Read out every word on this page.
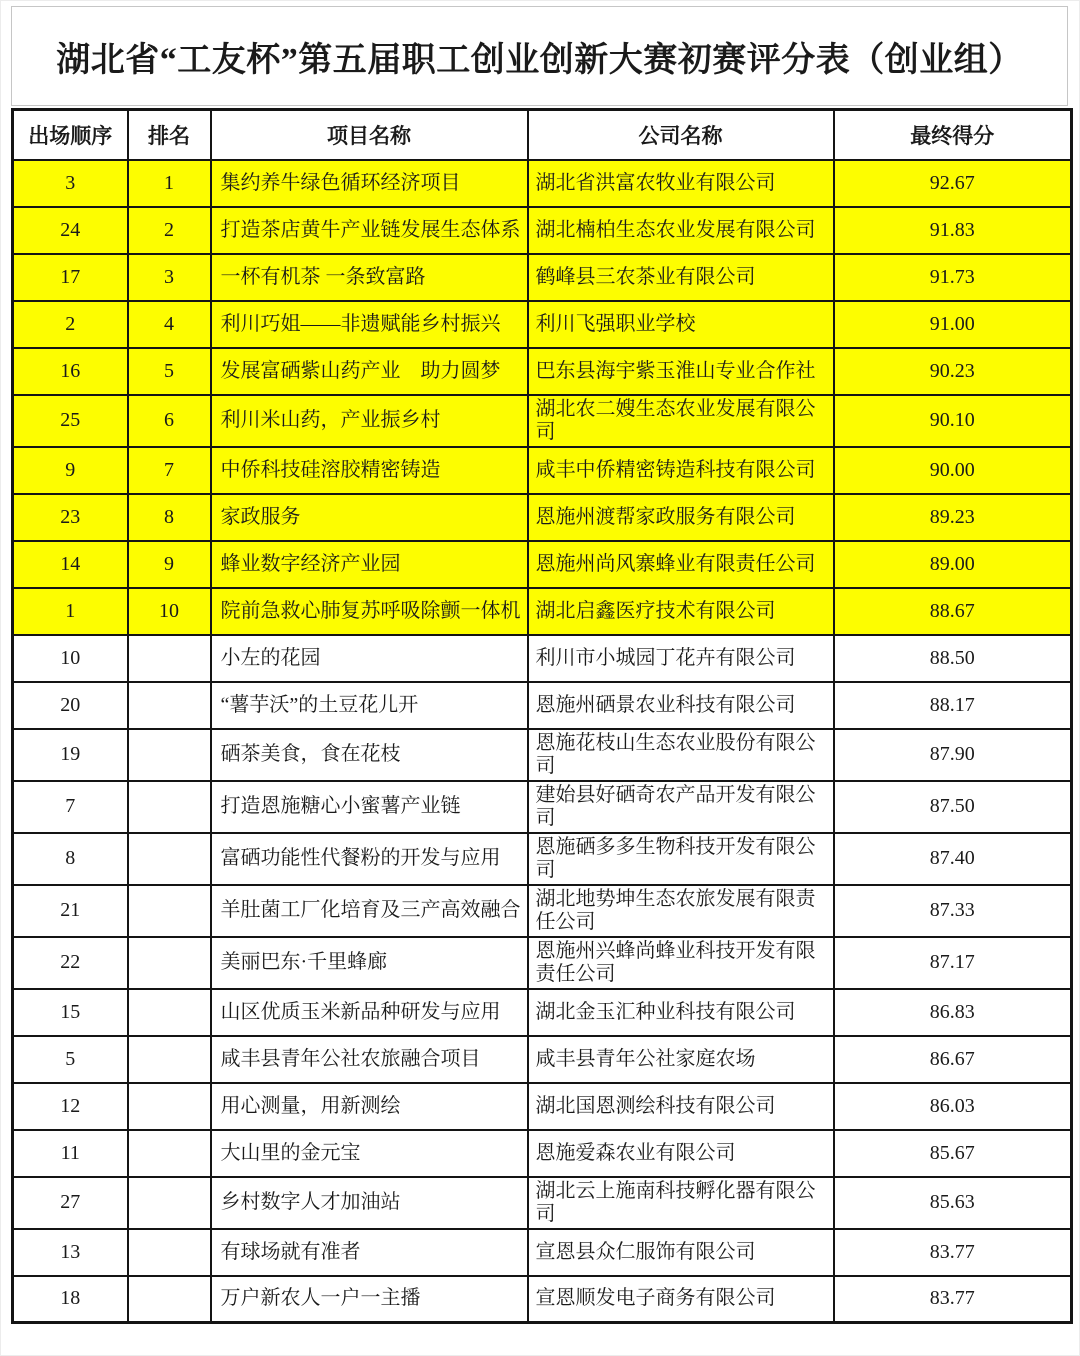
湖北省“工友杯”第五届职工创业创新大赛初赛评分表（创业组）
出场顺序	排名	项目名称	公司名称	最终得分
3	1	集约养牛绿色循环经济项目	湖北省洪富农牧业有限公司	92.67
24	2	打造茶店黄牛产业链发展生态体系	湖北楠柏生态农业发展有限公司	91.83
17	3	一杯有机茶 一条致富路	鹤峰县三农茶业有限公司	91.73
2	4	利川巧姐——非遗赋能乡村振兴	利川飞强职业学校	91.00
16	5	发展富硒紫山药产业　助力圆梦	巴东县海宇紫玉淮山专业合作社	90.23
25	6	利川米山药，产业振乡村	湖北农二嫂生态农业发展有限公司	90.10
9	7	中侨科技硅溶胶精密铸造	咸丰中侨精密铸造科技有限公司	90.00
23	8	家政服务	恩施州渡帮家政服务有限公司	89.23
14	9	蜂业数字经济产业园	恩施州尚风寨蜂业有限责任公司	89.00
1	10	院前急救心肺复苏呼吸除颤一体机	湖北启鑫医疗技术有限公司	88.67
10		小左的花园	利川市小城园丁花卉有限公司	88.50
20		“薯芋沃”的土豆花儿开	恩施州硒景农业科技有限公司	88.17
19		硒茶美食，食在花枝	恩施花枝山生态农业股份有限公司	87.90
7		打造恩施糖心小蜜薯产业链	建始县好硒奇农产品开发有限公司	87.50
8		富硒功能性代餐粉的开发与应用	恩施硒多多生物科技开发有限公司	87.40
21		羊肚菌工厂化培育及三产高效融合	湖北地势坤生态农旅发展有限责任公司	87.33
22		美丽巴东·千里蜂廊	恩施州兴蜂尚蜂业科技开发有限责任公司	87.17
15		山区优质玉米新品种研发与应用	湖北金玉汇种业科技有限公司	86.83
5		咸丰县青年公社农旅融合项目	咸丰县青年公社家庭农场	86.67
12		用心测量，用新测绘	湖北国恩测绘科技有限公司	86.03
11		大山里的金元宝	恩施爱森农业有限公司	85.67
27		乡村数字人才加油站	湖北云上施南科技孵化器有限公司	85.63
13		有球场就有准者	宣恩县众仁服饰有限公司	83.77
18		万户新农人一户一主播	宣恩顺发电子商务有限公司	83.77
